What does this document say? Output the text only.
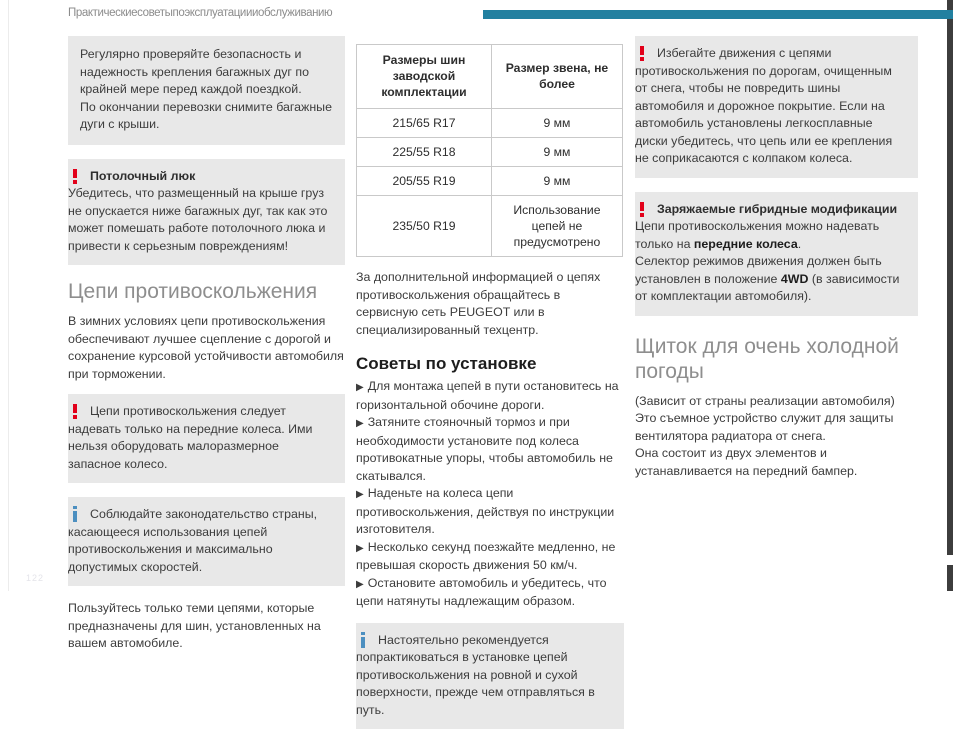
Практическиесоветыпоэксплуатациииобслуживанию
Регулярно проверяйте безопасность и надежность крепления багажных дуг по крайней мере перед каждой поездкой.
По окончании перевозки снимите багажные дуги с крыши.
Потолочный люк
Убедитесь, что размещенный на крыше груз не опускается ниже багажных дуг, так как это может помешать работе потолочного люка и привести к серьезным повреждениям!
Цепи противоскольжения

В зимних условиях цепи противоскольжения обеспечивают лучшее сцепление с дорогой и сохранение курсовой устойчивости автомобиля при торможении.

Цепи противоскольжения следует надевать только на передние колеса. Ими нельзя оборудовать малоразмерное запасное колесо.
Соблюдайте законодательство страны, касающееся использования цепей противоскольжения и максимально допустимых скоростей.

Пользуйтесь только теми цепями, которые предназначены для шин, установленных на вашем автомобиле.

Размеры шин заводской комплектации	Размер звена, не более
215/65 R17	9 мм
225/55 R18	9 мм
205/55 R19	9 мм
235/50 R19	Использование цепей не предусмотрено

За дополнительной информацией о цепях противоскольжения обращайтесь в сервисную сеть PEUGEOT или в специализированный техцентр.

Советы по установке
▶ Для монтажа цепей в пути остановитесь на горизонтальной обочине дороги.
▶ Затяните стояночный тормоз и при необходимости установите под колеса противокатные упоры, чтобы автомобиль не скатывался.
▶ Наденьте на колеса цепи противоскольжения, действуя по инструкции изготовителя.
▶ Несколько секунд поезжайте медленно, не превышая скорость движения 50 км/ч.
▶ Остановите автомобиль и убедитесь, что цепи натянуты надлежащим образом.
Настоятельно рекомендуется попрактиковаться в установке цепей противоскольжения на ровной и сухой поверхности, прежде чем отправляться в путь.
Избегайте движения с цепями противоскольжения по дорогам, очищенным от снега, чтобы не повредить шины автомобиля и дорожное покрытие. Если на автомобиль установлены легкосплавные диски убедитесь, что цепь или ее крепления не соприкасаются с колпаком колеса.
Заряжаемые гибридные модификации
Цепи противоскольжения можно надевать только на передние колеса.
Селектор режимов движения должен быть установлен в положение 4WD (в зависимости от комплектации автомобиля).
Щиток для очень холодной погоды

(Зависит от страны реализации автомобиля)

Это съемное устройство служит для защиты вентилятора радиатора от снега.

Она состоит из двух элементов и устанавливается на передний бампер.

122
